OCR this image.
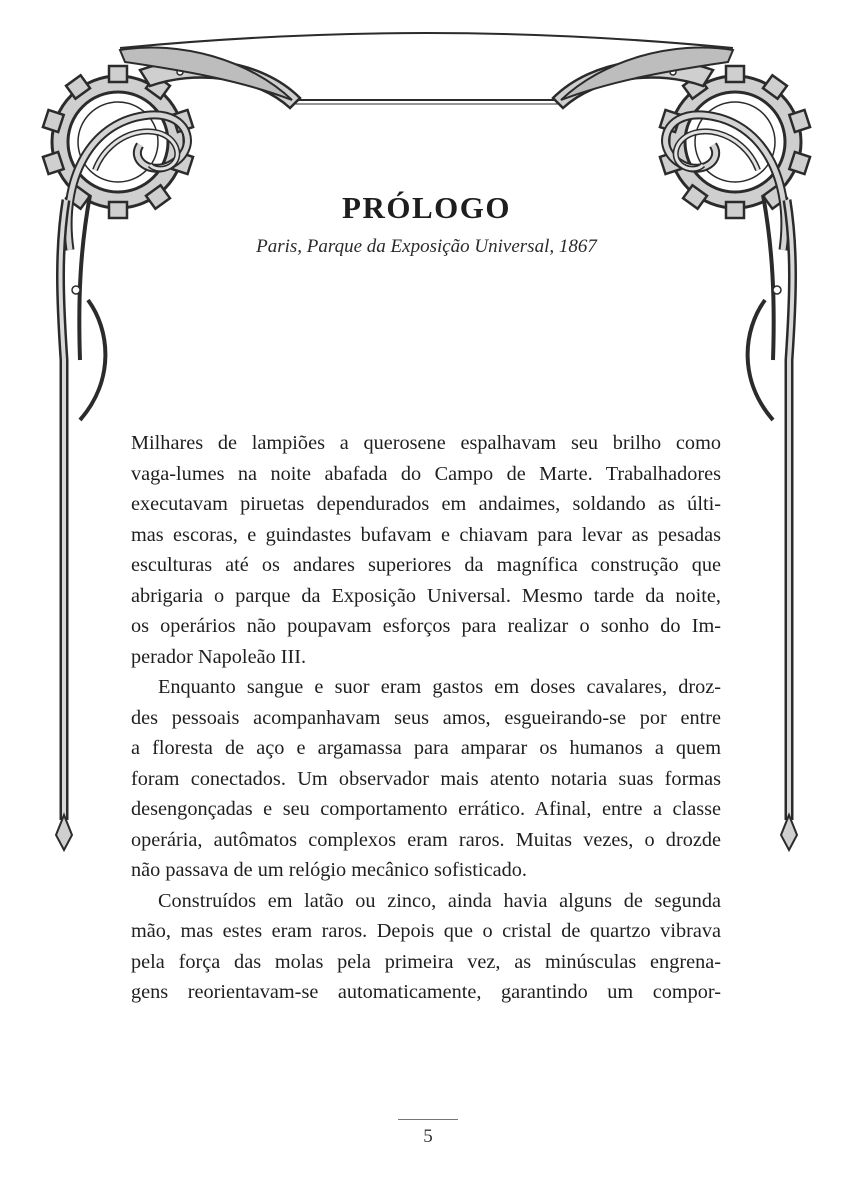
PRÓLOGO

Paris, Parque da Exposição Universal, 1867

Milhares de lampiões a querosene espalhavam seu brilho como
vaga-lumes na noite abafada do Campo de Marte. Trabalhadores
executavam piruetas dependurados em andaimes, soldando as últi-
mas escoras, e guindastes bufavam e chiavam para levar as pesadas
esculturas até os andares superiores da magnífica construção que
abrigaria o parque da Exposição Universal. Mesmo tarde da noite,
os operários não poupavam esforços para realizar o sonho do Im-
perador Napoleão III.
Enquanto sangue e suor eram gastos em doses cavalares, droz-
des pessoais acompanhavam seus amos, esgueirando-se por entre
a floresta de aço e argamassa para amparar os humanos a quem
foram conectados. Um observador mais atento notaria suas formas
desengonçadas e seu comportamento errático. Afinal, entre a classe
operária, autômatos complexos eram raros. Muitas vezes, o drozde
não passava de um relógio mecânico sofisticado.
Construídos em latão ou zinco, ainda havia alguns de segunda
mão, mas estes eram raros. Depois que o cristal de quartzo vibrava
pela força das molas pela primeira vez, as minúsculas engrena-
gens reorientavam-se automaticamente, garantindo um compor-
5
